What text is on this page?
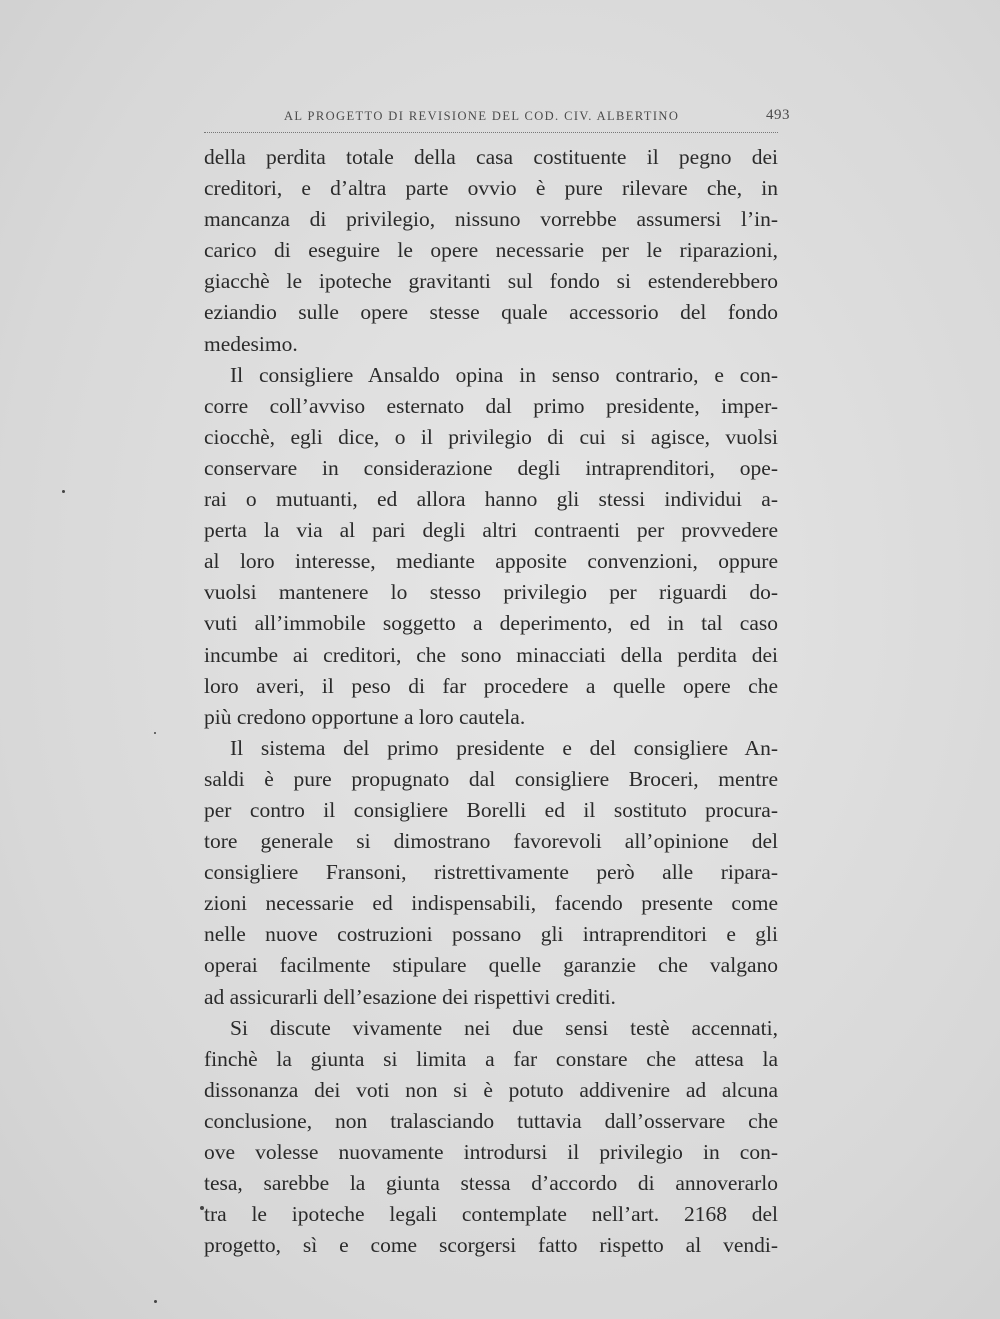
AL PROGETTO DI REVISIONE DEL COD. CIV. ALBERTINO	493
della perdita totale della casa costituente il pegno dei
creditori, e d’altra parte ovvio è pure rilevare che, in
mancanza di privilegio, nissuno vorrebbe assumersi l’in-
carico di eseguire le opere necessarie per le riparazioni,
giacchè le ipoteche gravitanti sul fondo si estenderebbero
eziandio sulle opere stesse quale accessorio del fondo
medesimo.
Il consigliere Ansaldo opina in senso contrario, e con-
corre coll’avviso esternato dal primo presidente, imper-
ciocchè, egli dice, o il privilegio di cui si agisce, vuolsi
conservare in considerazione degli intraprenditori, ope-
rai o mutuanti, ed allora hanno gli stessi individui a-
perta la via al pari degli altri contraenti per provvedere
al loro interesse, mediante apposite convenzioni, oppure
vuolsi mantenere lo stesso privilegio per riguardi do-
vuti all’immobile soggetto a deperimento, ed in tal caso
incumbe ai creditori, che sono minacciati della perdita dei
loro averi, il peso di far procedere a quelle opere che
più credono opportune a loro cautela.
Il sistema del primo presidente e del consigliere An-
saldi è pure propugnato dal consigliere Broceri, mentre
per contro il consigliere Borelli ed il sostituto procura-
tore generale si dimostrano favorevoli all’opinione del
consigliere Fransoni, ristrettivamente però alle ripara-
zioni necessarie ed indispensabili, facendo presente come
nelle nuove costruzioni possano gli intraprenditori e gli
operai facilmente stipulare quelle garanzie che valgano
ad assicurarli dell’esazione dei rispettivi crediti.
Si discute vivamente nei due sensi testè accennati,
finchè la giunta si limita a far constare che attesa la
dissonanza dei voti non si è potuto addivenire ad alcuna
conclusione, non tralasciando tuttavia dall’osservare che
ove volesse nuovamente introdursi il privilegio in con-
tesa, sarebbe la giunta stessa d’accordo di annoverarlo
tra le ipoteche legali contemplate nell’art. 2168 del
progetto, sì e come scorgersi fatto rispetto al vendi-
